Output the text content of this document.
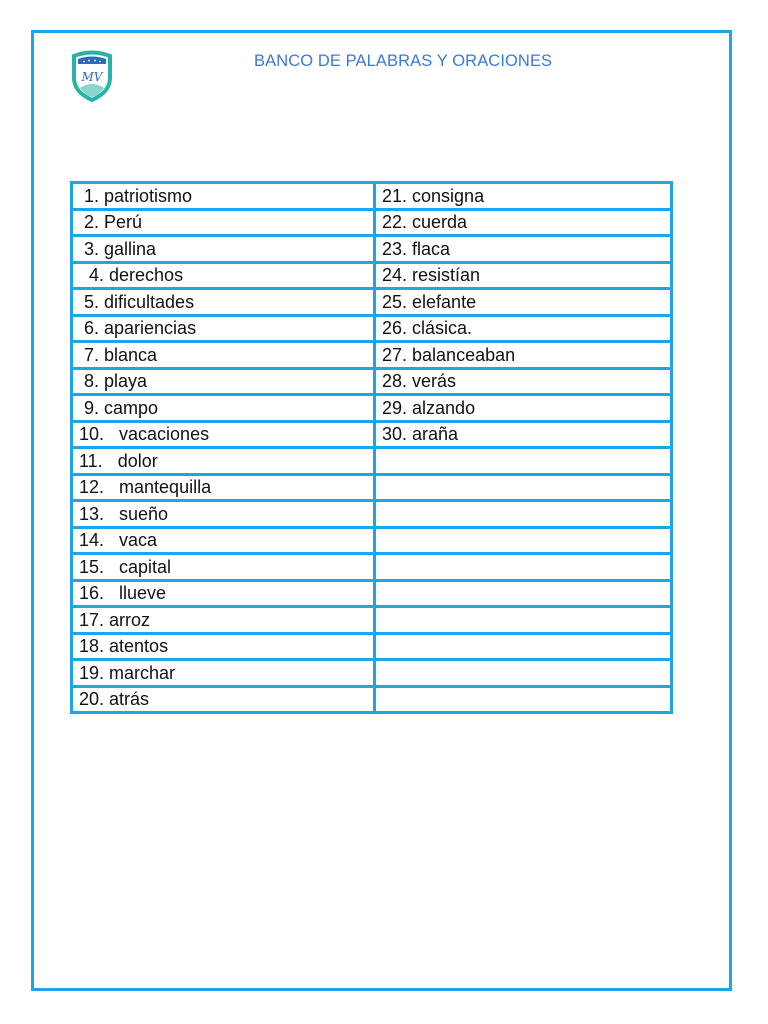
MV
BANCO DE PALABRAS Y ORACIONES
1. patriotismo	21. consigna
2. Perú	22. cuerda
3. gallina	23. flaca
4. derechos	24. resistían
5. dificultades	25. elefante
6. apariencias	26. clásica.
7. blanca	27. balanceaban
8. playa	28. verás
9. campo	29. alzando
10.   vacaciones	30. araña
11.   dolor	
12.   mantequilla	
13.   sueño	
14.   vaca	
15.   capital	
16.   llueve	
17. arroz	
18. atentos	
19. marchar	
20. atrás	
